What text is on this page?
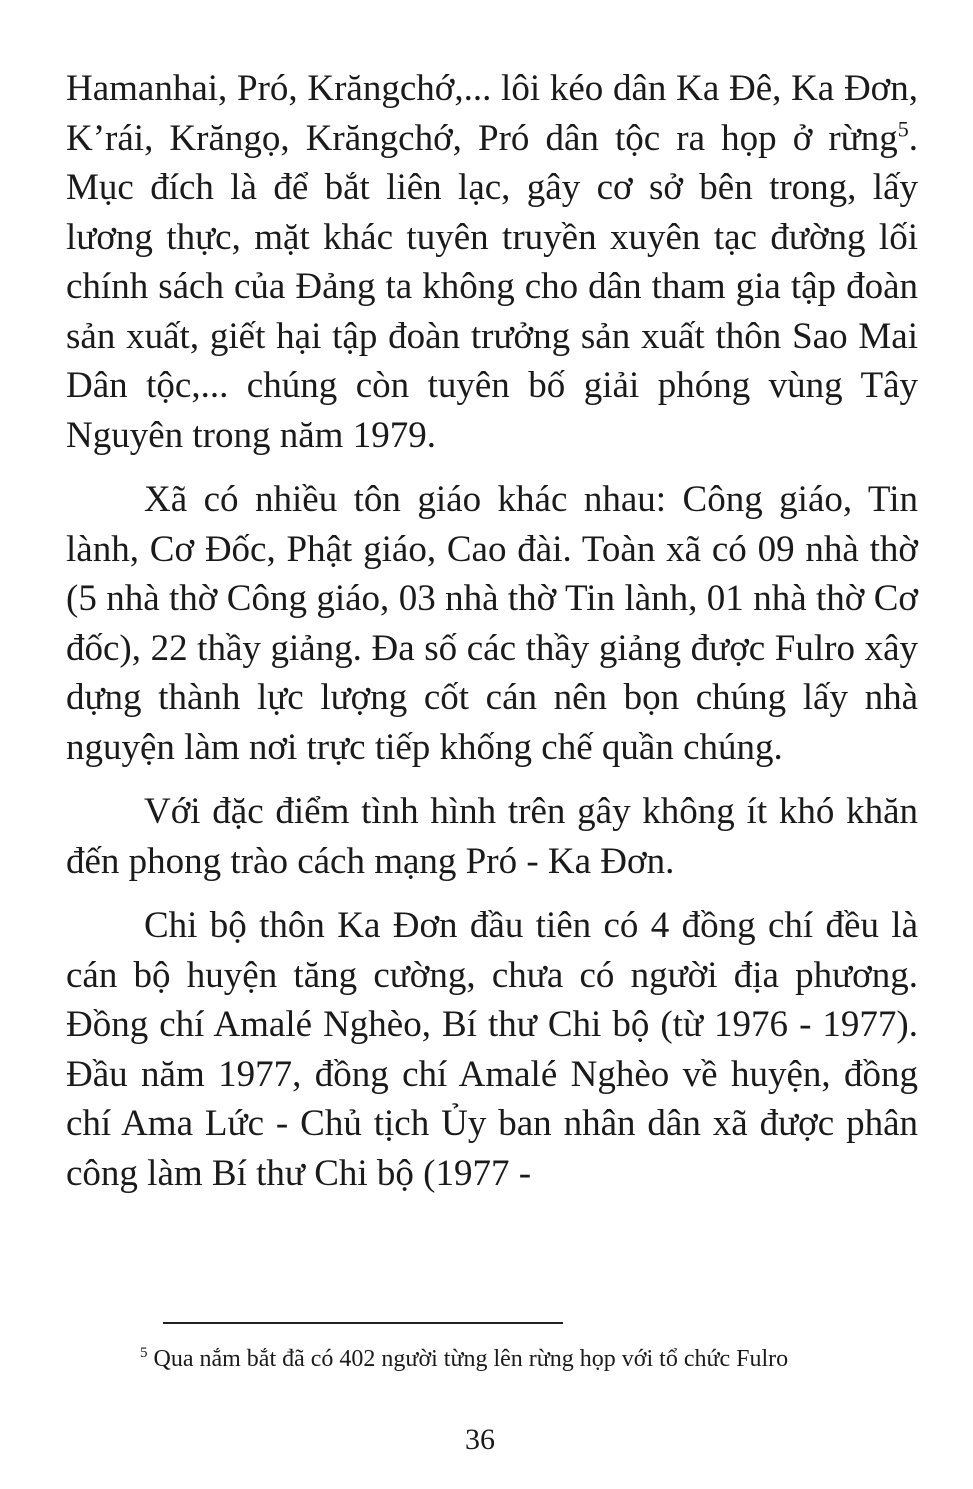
Hamanhai, Pró, Krăngchớ,... lôi kéo dân Ka Đê, Ka Đơn, K’rái, Krăngọ, Krăngchớ, Pró dân tộc ra họp ở rừng$^5$. Mục đích là để bắt liên lạc, gây cơ sở bên trong, lấy lương thực, mặt khác tuyên truyền xuyên tạc đường lối chính sách của Đảng ta không cho dân tham gia tập đoàn sản xuất, giết hại tập đoàn trưởng sản xuất thôn Sao Mai Dân tộc,... chúng còn tuyên bố giải phóng vùng Tây Nguyên trong năm 1979.

Xã có nhiều tôn giáo khác nhau: Công giáo, Tin lành, Cơ Đốc, Phật giáo, Cao đài. Toàn xã có 09 nhà thờ (5 nhà thờ Công giáo, 03 nhà thờ Tin lành, 01 nhà thờ Cơ đốc), 22 thầy giảng. Đa số các thầy giảng được Fulro xây dựng thành lực lượng cốt cán nên bọn chúng lấy nhà nguyện làm nơi trực tiếp khống chế quần chúng.

Với đặc điểm tình hình trên gây không ít khó khăn đến phong trào cách mạng Pró - Ka Đơn.

Chi bộ thôn Ka Đơn đầu tiên có 4 đồng chí đều là cán bộ huyện tăng cường, chưa có người địa phương. Đồng chí Amalé Nghèo, Bí thư Chi bộ (từ 1976 - 1977). Đầu năm 1977, đồng chí Amalé Nghèo về huyện, đồng chí Ama Lức - Chủ tịch Ủy ban nhân dân xã được phân công làm Bí thư Chi bộ (1977 -

$^5$ Qua nắm bắt đã có 402 người từng lên rừng họp với tổ chức Fulro
36
